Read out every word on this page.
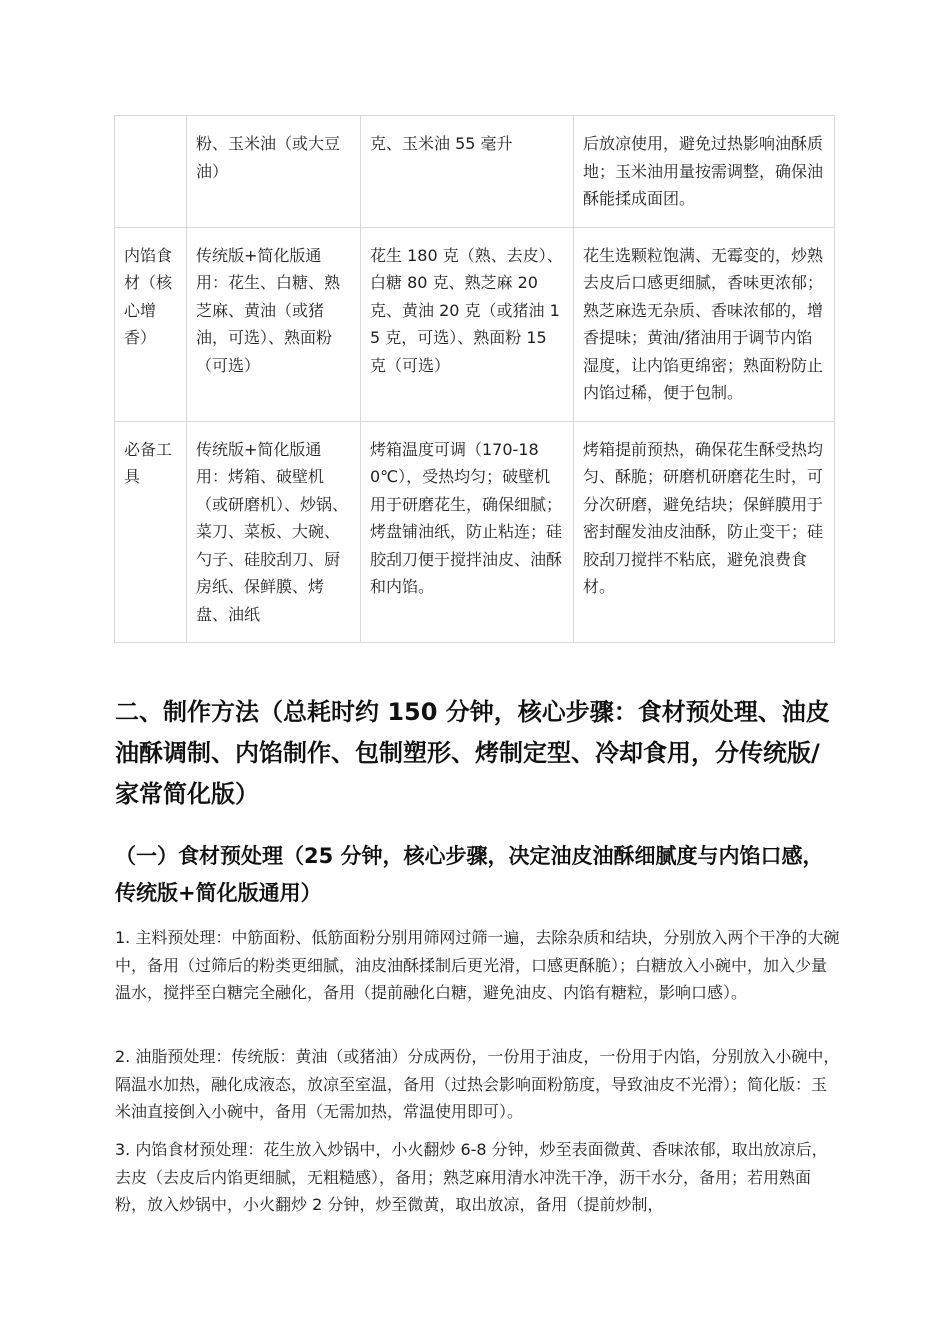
	粉、玉米油（或大豆油）	克、玉米油 55 毫升	后放凉使用，避免过热影响油酥质地；玉米油用量按需调整，确保油酥能揉成面团。
内馅食材（核心增香）	传统版+简化版通用：花生、白糖、熟芝麻、黄油（或猪油，可选）、熟面粉（可选）	花生 180 克（熟、去皮）、白糖 80 克、熟芝麻 20 克、黄油 20 克（或猪油 15 克，可选）、熟面粉 15 克（可选）	花生选颗粒饱满、无霉变的，炒熟去皮后口感更细腻，香味更浓郁；熟芝麻选无杂质、香味浓郁的，增香提味；黄油/猪油用于调节内馅湿度，让内馅更绵密；熟面粉防止内馅过稀，便于包制。
必备工具	传统版+简化版通用：烤箱、破壁机（或研磨机）、炒锅、菜刀、菜板、大碗、勺子、硅胶刮刀、厨房纸、保鲜膜、烤盘、油纸	烤箱温度可调（170-180℃），受热均匀；破壁机用于研磨花生，确保细腻；烤盘铺油纸，防止粘连；硅胶刮刀便于搅拌油皮、油酥和内馅。	烤箱提前预热，确保花生酥受热均匀、酥脆；研磨机研磨花生时，可分次研磨，避免结块；保鲜膜用于密封醒发油皮油酥，防止变干；硅胶刮刀搅拌不粘底，避免浪费食材。
二、制作方法（总耗时约 150 分钟，核心步骤：食材预处理、油皮油酥调制、内馅制作、包制塑形、烤制定型、冷却食用，分传统版/家常简化版）
（一）食材预处理（25 分钟，核心步骤，决定油皮油酥细腻度与内馅口感，传统版+简化版通用）

1. 主料预处理：中筋面粉、低筋面粉分别用筛网过筛一遍，去除杂质和结块，分别放入两个干净的大碗中，备用（过筛后的粉类更细腻，油皮油酥揉制后更光滑，口感更酥脆）；白糖放入小碗中，加入少量温水，搅拌至白糖完全融化，备用（提前融化白糖，避免油皮、内馅有糖粒，影响口感）。

2. 油脂预处理：传统版：黄油（或猪油）分成两份，一份用于油皮，一份用于内馅，分别放入小碗中，隔温水加热，融化成液态，放凉至室温，备用（过热会影响面粉筋度，导致油皮不光滑）；简化版：玉米油直接倒入小碗中，备用（无需加热，常温使用即可）。

3. 内馅食材预处理：花生放入炒锅中，小火翻炒 6-8 分钟，炒至表面微黄、香味浓郁，取出放凉后，去皮（去皮后内馅更细腻，无粗糙感），备用；熟芝麻用清水冲洗干净，沥干水分，备用；若用熟面粉，放入炒锅中，小火翻炒 2 分钟，炒至微黄，取出放凉，备用（提前炒制，
